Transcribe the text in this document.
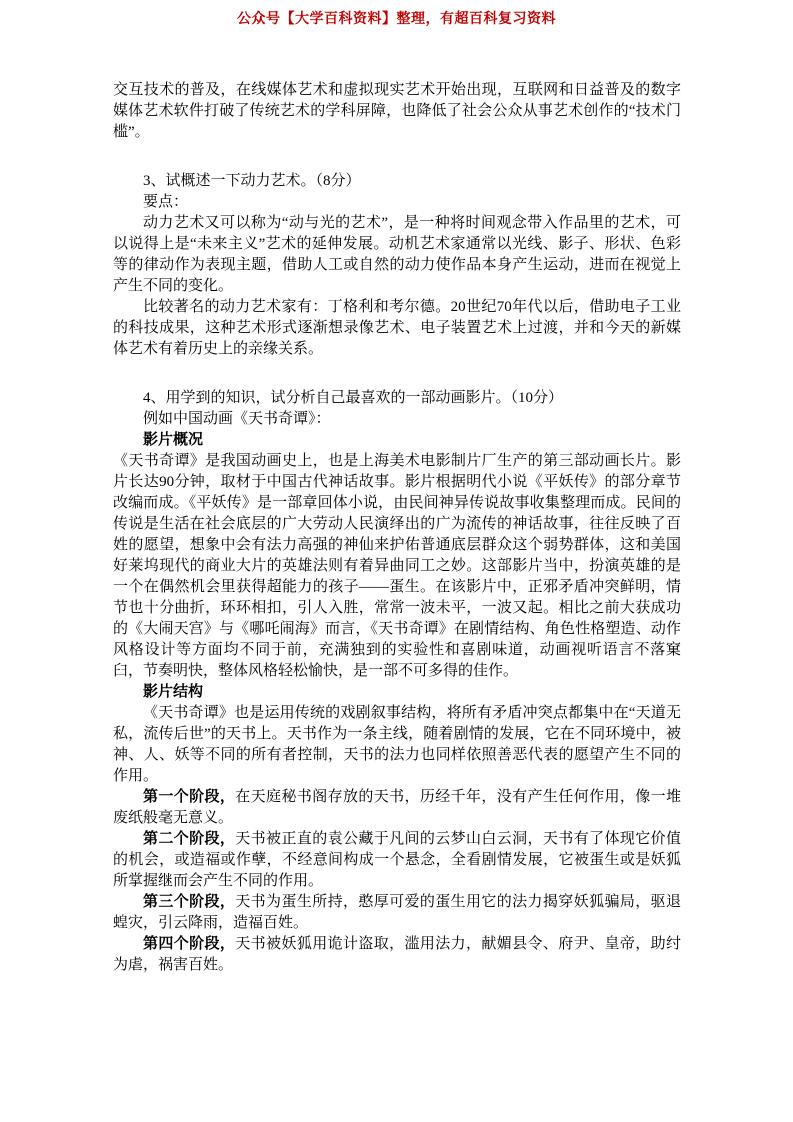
公众号【大学百科资料】整理，有超百科复习资料

交互技术的普及，在线媒体艺术和虚拟现实艺术开始出现，互联网和日益普及的数字媒体艺术软件打破了传统艺术的学科屏障，也降低了社会公众从事艺术创作的“技术门槛”。

3、试概述一下动力艺术。（8分）

要点：

动力艺术又可以称为“动与光的艺术”，是一种将时间观念带入作品里的艺术，可以说得上是“未来主义”艺术的延伸发展。动机艺术家通常以光线、影子、形状、色彩等的律动作为表现主题，借助人工或自然的动力使作品本身产生运动，进而在视觉上产生不同的变化。

比较著名的动力艺术家有：丁格利和考尔德。20世纪70年代以后，借助电子工业的科技成果，这种艺术形式逐渐想录像艺术、电子装置艺术上过渡，并和今天的新媒体艺术有着历史上的亲缘关系。

4、用学到的知识，试分析自己最喜欢的一部动画影片。（10分）

例如中国动画《天书奇谭》：

影片概况

《天书奇谭》是我国动画史上，也是上海美术电影制片厂生产的第三部动画长片。影片长达90分钟，取材于中国古代神话故事。影片根据明代小说《平妖传》的部分章节改编而成。《平妖传》是一部章回体小说，由民间神异传说故事收集整理而成。民间的传说是生活在社会底层的广大劳动人民演绎出的广为流传的神话故事，往往反映了百姓的愿望，想象中会有法力高强的神仙来护佑普通底层群众这个弱势群体，这和美国好莱坞现代的商业大片的英雄法则有着异曲同工之妙。这部影片当中，扮演英雄的是一个在偶然机会里获得超能力的孩子——蛋生。在该影片中，正邪矛盾冲突鲜明，情节也十分曲折，环环相扣，引人入胜，常常一波未平，一波又起。相比之前大获成功的《大闹天宫》与《哪吒闹海》而言，《天书奇谭》在剧情结构、角色性格塑造、动作风格设计等方面均不同于前，充满独到的实验性和喜剧味道，动画视听语言不落窠臼，节奏明快，整体风格轻松愉快，是一部不可多得的佳作。

影片结构

《天书奇谭》也是运用传统的戏剧叙事结构，将所有矛盾冲突点都集中在“天道无私，流传后世”的天书上。天书作为一条主线，随着剧情的发展，它在不同环境中，被神、人、妖等不同的所有者控制，天书的法力也同样依照善恶代表的愿望产生不同的作用。

第一个阶段，在天庭秘书阁存放的天书，历经千年，没有产生任何作用，像一堆废纸般毫无意义。

第二个阶段，天书被正直的袁公藏于凡间的云梦山白云洞，天书有了体现它价值的机会，或造福或作孽，不经意间构成一个悬念，全看剧情发展，它被蛋生或是妖狐所掌握继而会产生不同的作用。

第三个阶段，天书为蛋生所持，憨厚可爱的蛋生用它的法力揭穿妖狐骗局，驱退蝗灾，引云降雨，造福百姓。

第四个阶段，天书被妖狐用诡计盗取，滥用法力，献媚县令、府尹、皇帝，助纣为虐，祸害百姓。
